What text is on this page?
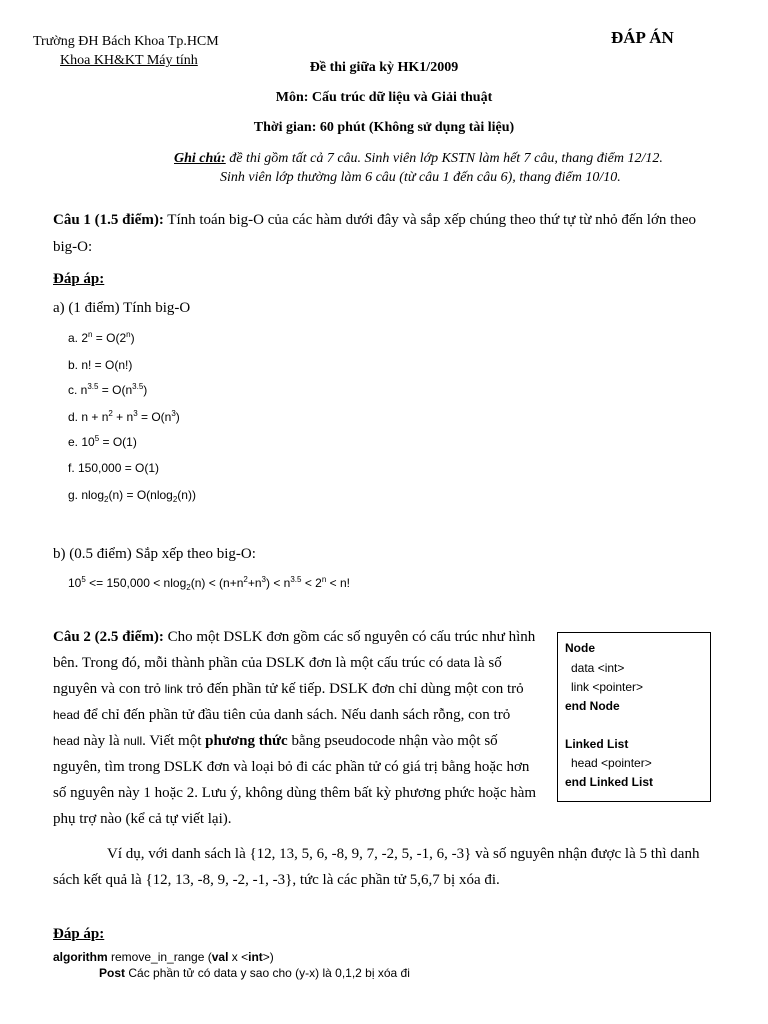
Trường ĐH Bách Khoa Tp.HCM
Khoa KH&KT Máy tính
ĐÁP ÁN
Đề thi giữa kỳ HK1/2009
Môn: Cấu trúc dữ liệu và Giải thuật
Thời gian: 60 phút (Không sử dụng tài liệu)
Ghi chú: đề thi gồm tất cả 7 câu. Sinh viên lớp KSTN làm hết 7 câu, thang điểm 12/12.
Sinh viên lớp thường làm 6 câu (từ câu 1 đến câu 6), thang điểm 10/10.
Câu 1 (1.5 điểm): Tính toán big-O của các hàm dưới đây và sắp xếp chúng theo thứ tự từ nhỏ đến lớn theo
big-O:
Đáp áp:
a) (1 điểm) Tính big-O
a. $2^n = O(2^n)$
b. n! = O(n!)
c. $n^{3.5} = O(n^{3.5})$
d. $n + n^2 + n^3 = O(n^3)$
e. $10^5 = O(1)$
f. 150,000 = O(1)
g. nlog$_2$(n) = O(nlog$_2$(n))
b) (0.5 điểm) Sắp xếp theo big-O:
$10^5 <= 150,000 < nlog_2(n) < (n+n^2+n^3) < n^{3.5} < 2^n < n$!
Câu 2 (2.5 điểm): Cho một DSLK đơn gồm các số nguyên có cấu trúc như hình
bên. Trong đó, mỗi thành phần của DSLK đơn là một cấu trúc có data là số
nguyên và con trỏ link trỏ đến phần tử kế tiếp. DSLK đơn chỉ dùng một con trỏ
head để chỉ đến phần tử đầu tiên của danh sách. Nếu danh sách rỗng, con trỏ
head này là null. Viết một phương thức bằng pseudocode nhận vào một số
nguyên, tìm trong DSLK đơn và loại bỏ đi các phần tử có giá trị bằng hoặc hơn
số nguyên này 1 hoặc 2. Lưu ý, không dùng thêm bất kỳ phương phức hoặc hàm
phụ trợ nào (kể cả tự viết lại).
Node
data <int>
link <pointer>
end Node
Linked List
head <pointer>
end Linked List
Ví dụ, với danh sách là {12, 13, 5, 6, -8, 9, 7, -2, 5, -1, 6, -3} và số nguyên nhận được là 5 thì danh
sách kết quả là {12, 13, -8, 9, -2, -1, -3}, tức là các phần tử 5,6,7 bị xóa đi.
Đáp áp:
algorithm remove_in_range (val x <int>)
Post Các phần tử có data y sao cho (y-x) là 0,1,2 bị xóa đi
